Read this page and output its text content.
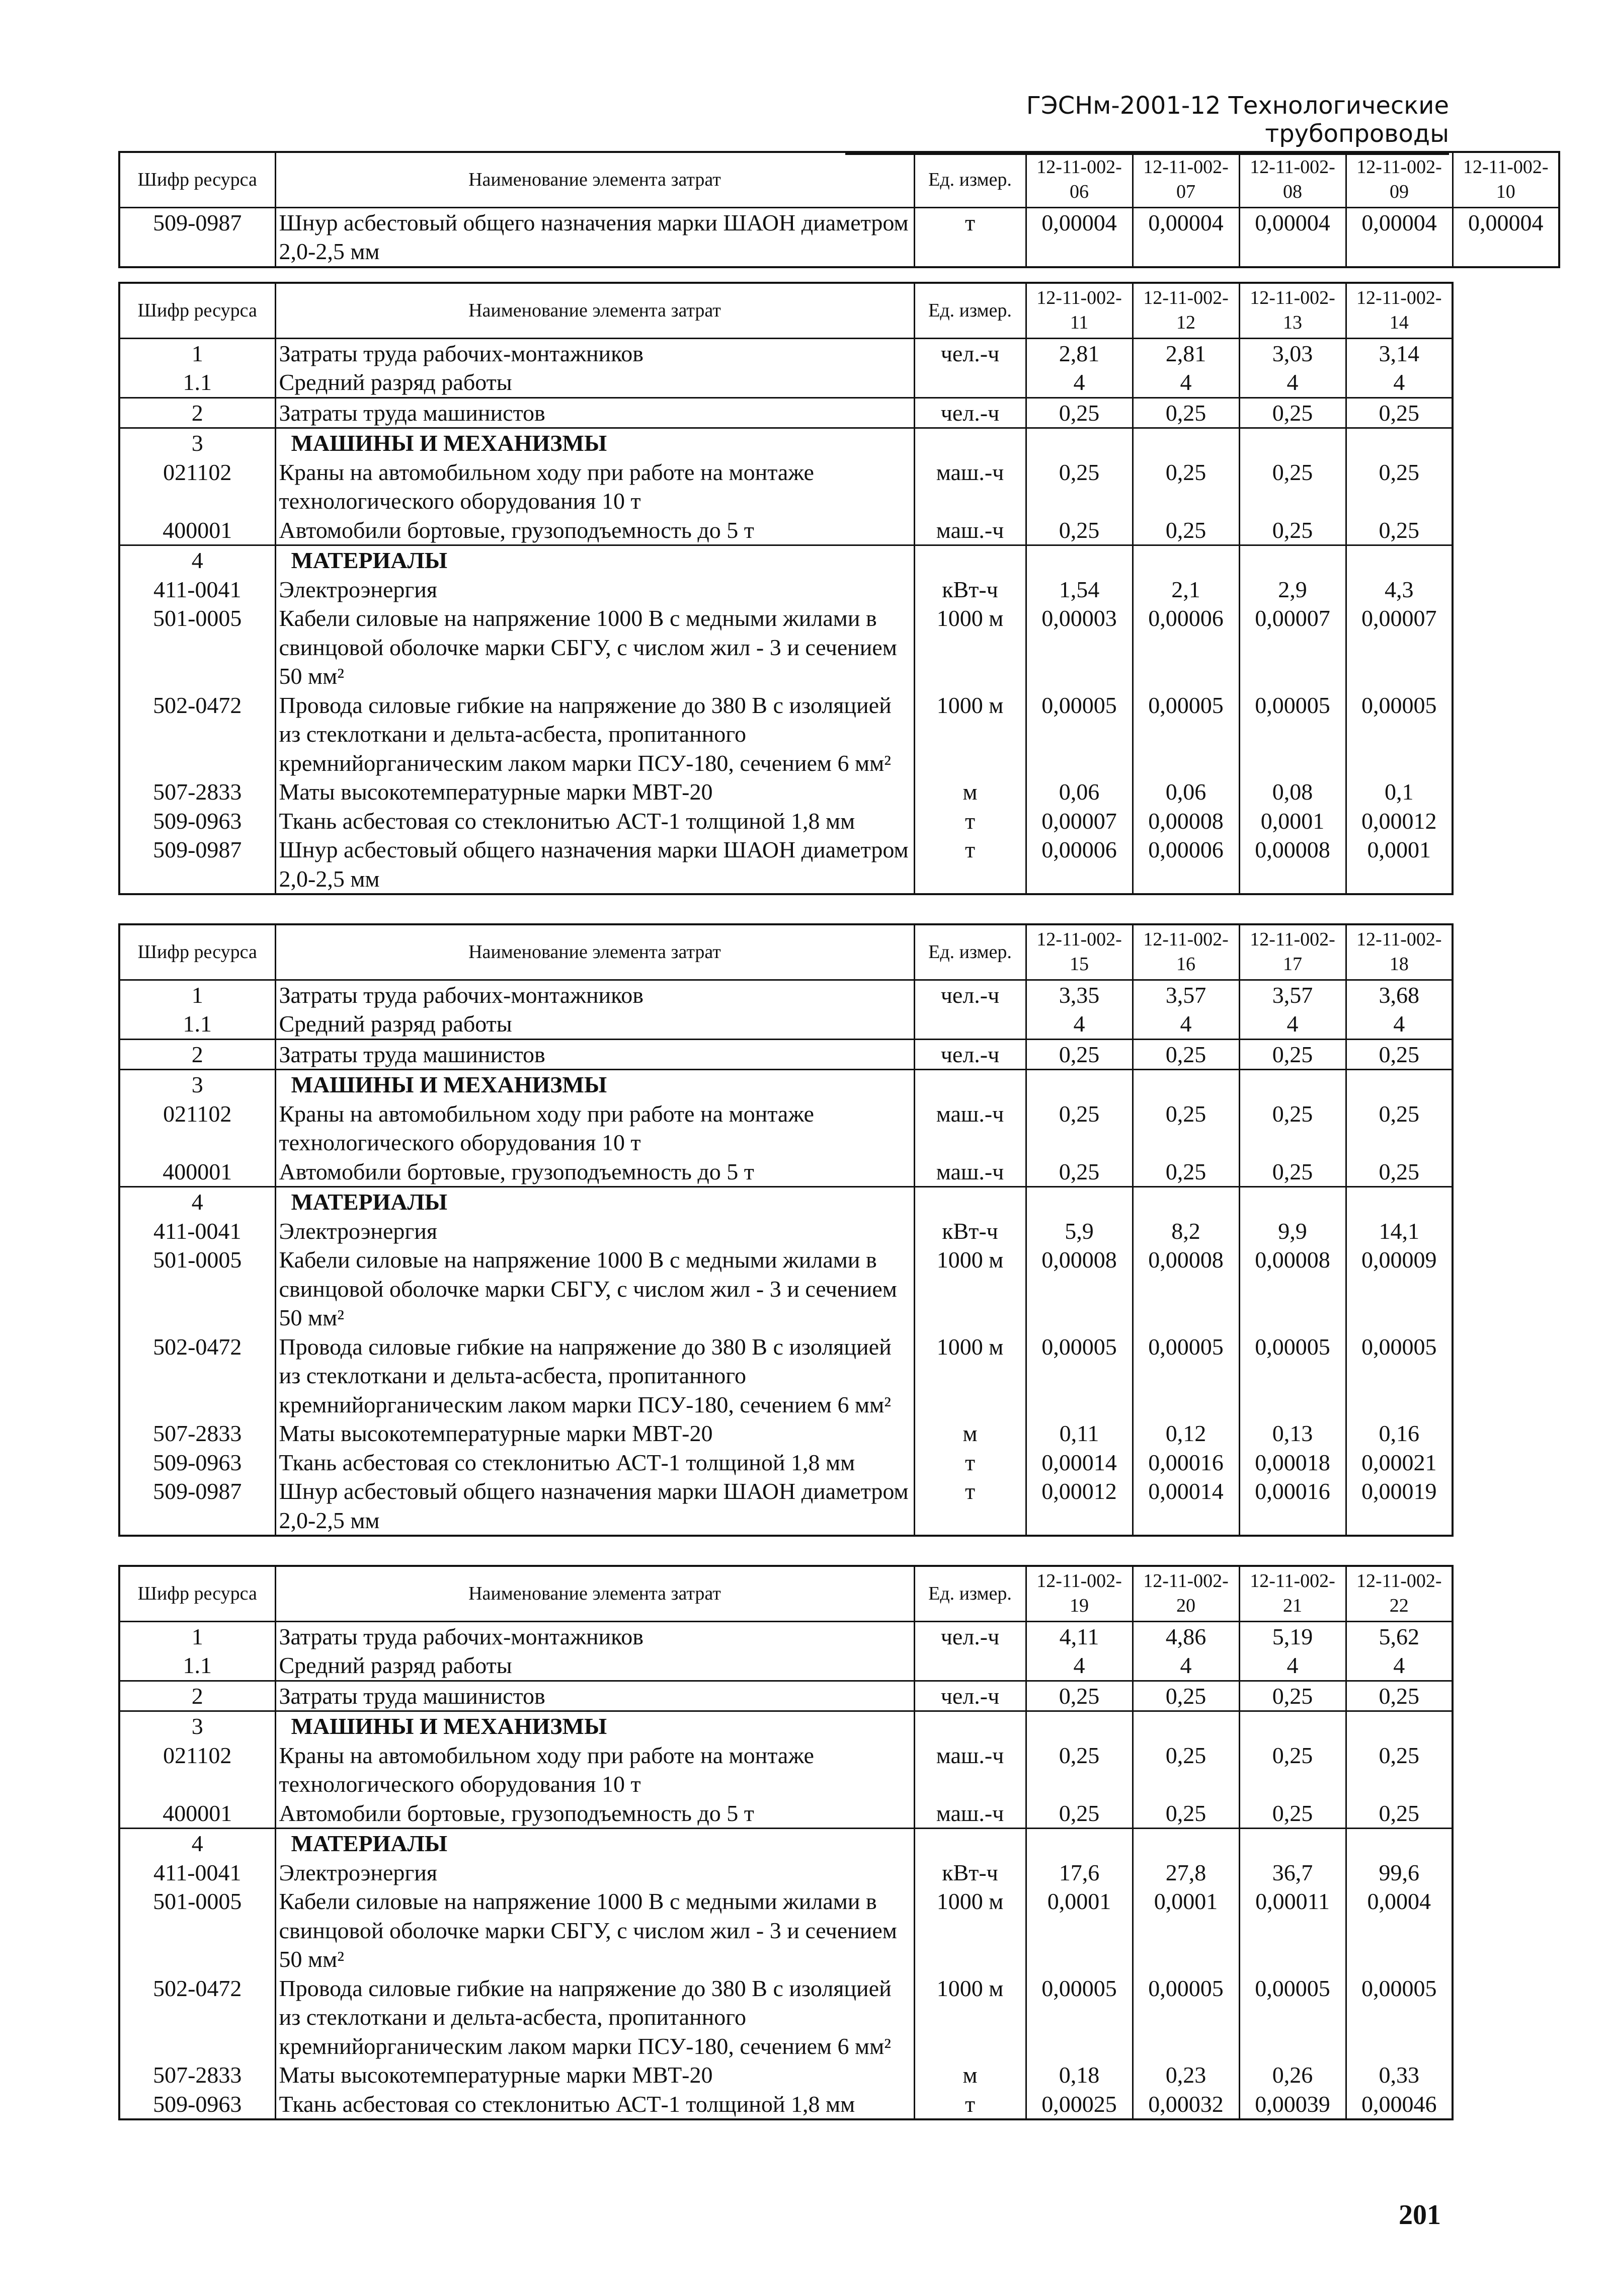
ГЭСНм-2001-12 Технологические трубопроводы
Шифр ресурса	Наименование элемента затрат	Ед. измер.	12-11-002-06	12-11-002-07	12-11-002-08	12-11-002-09	12-11-002-10
509-0987	Шнур асбестовый общего назначения марки ШАОН диаметром 2,0-2,5 мм	т	0,00004	0,00004	0,00004	0,00004	0,00004
Шифр ресурса	Наименование элемента затрат	Ед. измер.	12-11-002-11	12-11-002-12	12-11-002-13	12-11-002-14
1	Затраты труда рабочих-монтажников	чел.-ч	2,81	2,81	3,03	3,14
1.1	Средний разряд работы		4	4	4	4
2	Затраты труда машинистов	чел.-ч	0,25	0,25	0,25	0,25
3	МАШИНЫ И МЕХАНИЗМЫ					
021102	Краны на автомобильном ходу при работе на монтаже технологического оборудования 10 т	маш.-ч	0,25	0,25	0,25	0,25
400001	Автомобили бортовые, грузоподъемность до 5 т	маш.-ч	0,25	0,25	0,25	0,25
4	МАТЕРИАЛЫ					
411-0041	Электроэнергия	кВт-ч	1,54	2,1	2,9	4,3
501-0005	Кабели силовые на напряжение 1000 В с медными жилами в свинцовой оболочке марки СБГУ, с числом жил - 3 и сечением 50 мм²	1000 м	0,00003	0,00006	0,00007	0,00007
502-0472	Провода силовые гибкие на напряжение до 380 В с изоляцией из стеклоткани и дельта-асбеста, пропитанного кремнийорганическим лаком марки ПСУ-180, сечением 6 мм²	1000 м	0,00005	0,00005	0,00005	0,00005
507-2833	Маты высокотемпературные марки МВТ-20	м	0,06	0,06	0,08	0,1
509-0963	Ткань асбестовая со стеклонитью АСТ-1 толщиной 1,8 мм	т	0,00007	0,00008	0,0001	0,00012
509-0987	Шнур асбестовый общего назначения марки ШАОН диаметром 2,0-2,5 мм	т	0,00006	0,00006	0,00008	0,0001
Шифр ресурса	Наименование элемента затрат	Ед. измер.	12-11-002-15	12-11-002-16	12-11-002-17	12-11-002-18
1	Затраты труда рабочих-монтажников	чел.-ч	3,35	3,57	3,57	3,68
1.1	Средний разряд работы		4	4	4	4
2	Затраты труда машинистов	чел.-ч	0,25	0,25	0,25	0,25
3	МАШИНЫ И МЕХАНИЗМЫ					
021102	Краны на автомобильном ходу при работе на монтаже технологического оборудования 10 т	маш.-ч	0,25	0,25	0,25	0,25
400001	Автомобили бортовые, грузоподъемность до 5 т	маш.-ч	0,25	0,25	0,25	0,25
4	МАТЕРИАЛЫ					
411-0041	Электроэнергия	кВт-ч	5,9	8,2	9,9	14,1
501-0005	Кабели силовые на напряжение 1000 В с медными жилами в свинцовой оболочке марки СБГУ, с числом жил - 3 и сечением 50 мм²	1000 м	0,00008	0,00008	0,00008	0,00009
502-0472	Провода силовые гибкие на напряжение до 380 В с изоляцией из стеклоткани и дельта-асбеста, пропитанного кремнийорганическим лаком марки ПСУ-180, сечением 6 мм²	1000 м	0,00005	0,00005	0,00005	0,00005
507-2833	Маты высокотемпературные марки МВТ-20	м	0,11	0,12	0,13	0,16
509-0963	Ткань асбестовая со стеклонитью АСТ-1 толщиной 1,8 мм	т	0,00014	0,00016	0,00018	0,00021
509-0987	Шнур асбестовый общего назначения марки ШАОН диаметром 2,0-2,5 мм	т	0,00012	0,00014	0,00016	0,00019
Шифр ресурса	Наименование элемента затрат	Ед. измер.	12-11-002-19	12-11-002-20	12-11-002-21	12-11-002-22
1	Затраты труда рабочих-монтажников	чел.-ч	4,11	4,86	5,19	5,62
1.1	Средний разряд работы		4	4	4	4
2	Затраты труда машинистов	чел.-ч	0,25	0,25	0,25	0,25
3	МАШИНЫ И МЕХАНИЗМЫ					
021102	Краны на автомобильном ходу при работе на монтаже технологического оборудования 10 т	маш.-ч	0,25	0,25	0,25	0,25
400001	Автомобили бортовые, грузоподъемность до 5 т	маш.-ч	0,25	0,25	0,25	0,25
4	МАТЕРИАЛЫ					
411-0041	Электроэнергия	кВт-ч	17,6	27,8	36,7	99,6
501-0005	Кабели силовые на напряжение 1000 В с медными жилами в свинцовой оболочке марки СБГУ, с числом жил - 3 и сечением 50 мм²	1000 м	0,0001	0,0001	0,00011	0,0004
502-0472	Провода силовые гибкие на напряжение до 380 В с изоляцией из стеклоткани и дельта-асбеста, пропитанного кремнийорганическим лаком марки ПСУ-180, сечением 6 мм²	1000 м	0,00005	0,00005	0,00005	0,00005
507-2833	Маты высокотемпературные марки МВТ-20	м	0,18	0,23	0,26	0,33
509-0963	Ткань асбестовая со стеклонитью АСТ-1 толщиной 1,8 мм	т	0,00025	0,00032	0,00039	0,00046
201
